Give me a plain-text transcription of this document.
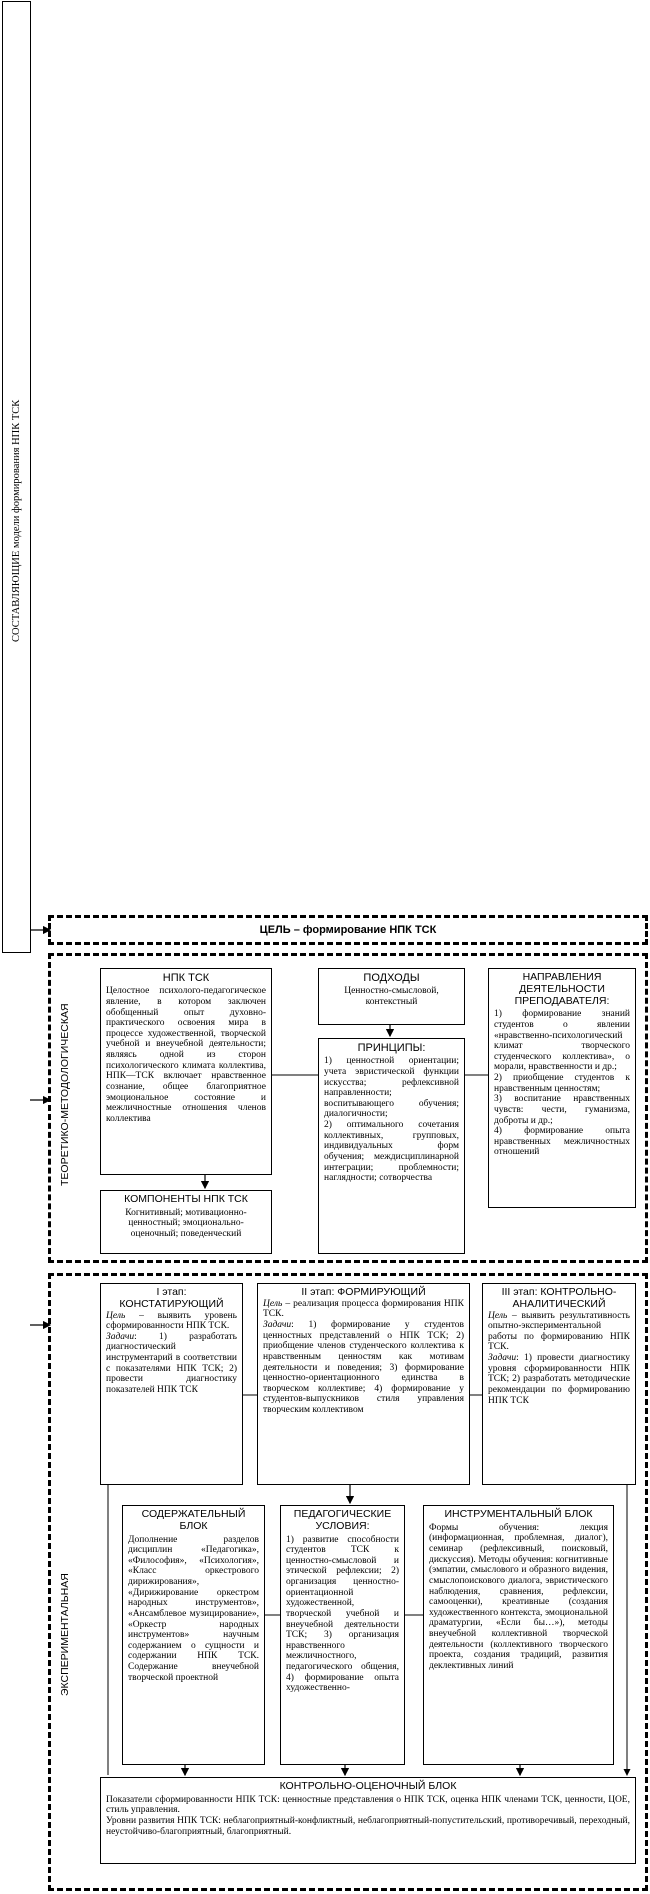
СОСТАВЛЯЮЩИЕ модели формирования НПК ТСК
ЦЕЛЬ – формирование НПК ТСК
ТЕОРЕТИКО-МЕТОДОЛОГИЧЕСКАЯ
НПК ТСК
Целостное психолого-педагогическое явление, в котором заключен обобщенный опыт духовно-практического освоения мира в процессе художественной, творческой учебной и внеучебной деятельности; являясь одной из сторон психологического климата коллектива, НПК—ТСК включает нравственное сознание, общее благоприятное эмоциональное состояние и межличностные отношения членов коллектива
КОМПОНЕНТЫ НПК ТСК
Когнитивный; мотивационно-ценностный; эмоционально-оценочный; поведенческий
ПОДХОДЫ
Ценностно-смысловой, контекстный
ПРИНЦИПЫ:
1) ценностной ориентации; учета эвристической функции искусства; рефлексивной направленности; воспитывающего обучения; диалогичности;
2) оптимального сочетания коллективных, групповых, индивидуальных форм обучения; междисциплинарной интеграции; проблемности; наглядности; сотворчества
НАПРАВЛЕНИЯ ДЕЯТЕЛЬНОСТИ ПРЕПОДАВАТЕЛЯ:
1) формирование знаний студентов о явлении «нравственно-психологический климат творческого студенческого коллектива», о морали, нравственности и др.;
2) приобщение студентов к нравственным ценностям;
3) воспитание нравственных чувств: чести, гуманизма, доброты и др.;
4) формирование опыта нравственных межличностных отношений
ЭКСПЕРИМЕНТАЛЬНАЯ
I этап: КОНСТАТИРУЮЩИЙ
Цель – выявить уровень сформированности НПК ТСК.
Задачи: 1) разработать диагностический инструментарий в соответствии с показателями НПК ТСК; 2) провести диагностику показателей НПК ТСК
II этап: ФОРМИРУЮЩИЙ
Цель – реализация процесса формирования НПК ТСК.
Задачи: 1) формирование у студентов ценностных представлений о НПК ТСК; 2) приобщение членов студенческого коллектива к нравственным ценностям как мотивам деятельности и поведения; 3) формирование ценностно-ориентационного единства в творческом коллективе; 4) формирование у студентов-выпускников стиля управления творческим коллективом
III этап: КОНТРОЛЬНО-АНАЛИТИЧЕСКИЙ
Цель – выявить результативность опытно-экспериментальной работы по формированию НПК ТСК.
Задачи: 1) провести диагностику уровня сформированности НПК ТСК; 2) разработать методические рекомендации по формированию НПК ТСК
СОДЕРЖАТЕЛЬНЫЙ БЛОК
Дополнение разделов дисциплин «Педагогика», «Философия», «Психология», «Класс оркестрового дирижирования», «Дирижирование оркестром народных инструментов», «Ансамблевое музицирование», «Оркестр народных инструментов» научным содержанием о сущности и содержании НПК ТСК. Содержание внеучебной творческой проектной
ПЕДАГОГИЧЕСКИЕ УСЛОВИЯ:
1) развитие способности студентов ТСК к ценностно-смысловой и этической рефлексии; 2) организация ценностно-ориентационной художественной, творческой учебной и внеучебной деятельности ТСК; 3) организация нравственного межличностного, педагогического общения, 4) формирование опыта художественно-
ИНСТРУМЕНТАЛЬНЫЙ БЛОК
Формы обучения: лекция (информационная, проблемная, диалог), семинар (рефлексивный, поисковый, дискуссия). Методы обучения: когнитивные (эмпатии, смыслового и образного видения, смыслопоискового диалога, эвристического наблюдения, сравнения, рефлексии, самооценки), креативные (создания художественного контекста, эмоциональной драматургии, «Если бы…»), методы внеучебной коллективной творческой деятельности (коллективного творческого проекта, создания традиций, развития деклективных линий
КОНТРОЛЬНО-ОЦЕНОЧНЫЙ БЛОК
Показатели сформированности НПК ТСК: ценностные представления о НПК ТСК, оценка НПК членами ТСК, ценности, ЦОЕ, стиль управления.
Уровни развития НПК ТСК: неблагоприятный-конфликтный, неблагоприятный-попустительский, противоречивый, переходный, неустойчиво-благоприятный, благоприятный.
